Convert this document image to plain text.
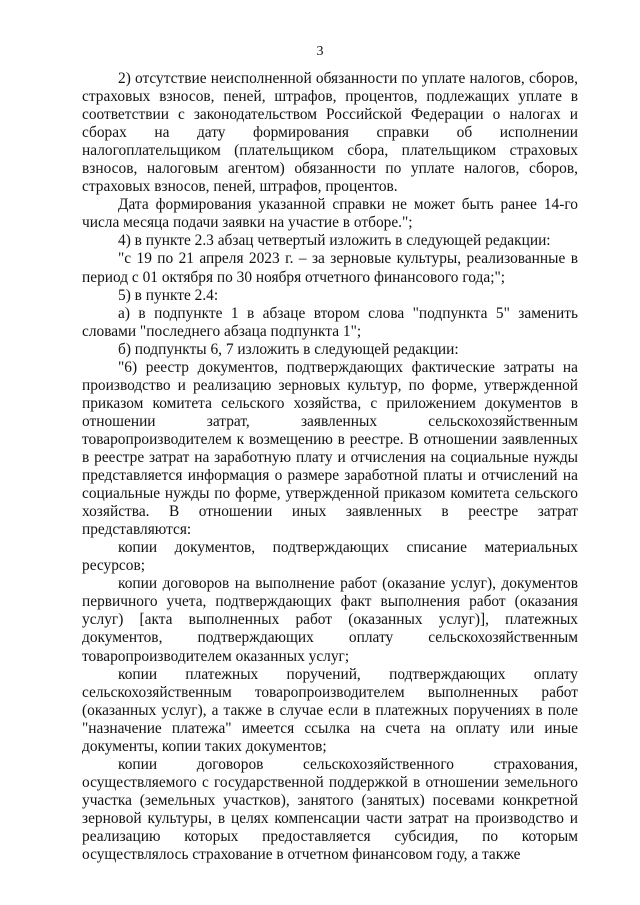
3

2) отсутствие неисполненной обязанности по уплате налогов, сборов, страховых взносов, пеней, штрафов, процентов, подлежащих уплате в соответствии с законодательством Российской Федерации о налогах и сборах на дату формирования справки об исполнении налогоплательщиком (плательщиком сбора, плательщиком страховых взносов, налоговым агентом) обязанности по уплате налогов, сборов, страховых взносов, пеней, штрафов, процентов.

Дата формирования указанной справки не может быть ранее 14-го числа месяца подачи заявки на участие в отборе.";

4) в пункте 2.3 абзац четвертый изложить в следующей редакции:

"с 19 по 21 апреля 2023 г. – за зерновые культуры, реализованные в период с 01 октября по 30 ноября отчетного финансового года;";

5) в пункте 2.4:

а) в подпункте 1 в абзаце втором слова "подпункта 5" заменить словами "последнего абзаца подпункта 1";

б) подпункты 6, 7 изложить в следующей редакции:

"6) реестр документов, подтверждающих фактические затраты на производство и реализацию зерновых культур, по форме, утвержденной приказом комитета сельского хозяйства, с приложением документов в отношении затрат, заявленных сельскохозяйственным товаропроизводителем к возмещению в реестре. В отношении заявленных в реестре затрат на заработную плату и отчисления на социальные нужды представляется информация о размере заработной платы и отчислений на социальные нужды по форме, утвержденной приказом комитета сельского хозяйства. В отношении иных заявленных в реестре затрат представляются:

копии документов, подтверждающих списание материальных ресурсов;

копии договоров на выполнение работ (оказание услуг), документов первичного учета, подтверждающих факт выполнения работ (оказания услуг) [акта выполненных работ (оказанных услуг)], платежных документов, подтверждающих оплату сельскохозяйственным товаропроизводителем оказанных услуг;

копии платежных поручений, подтверждающих оплату сельскохозяйственным товаропроизводителем выполненных работ (оказанных услуг), а также в случае если в платежных поручениях в поле "назначение платежа" имеется ссылка на счета на оплату или иные документы, копии таких документов;

копии договоров сельскохозяйственного страхования, осуществляемого с государственной поддержкой в отношении земельного участка (земельных участков), занятого (занятых) посевами конкретной зерновой культуры, в целях компенсации части затрат на производство и реализацию которых предоставляется субсидия, по которым осуществлялось страхование в отчетном финансовом году, а также
